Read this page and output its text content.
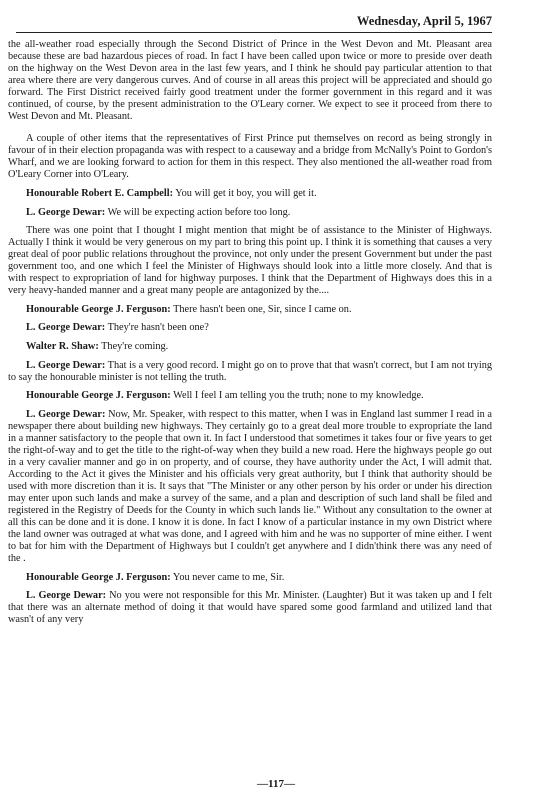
Wednesday, April 5, 1967

the all-weather road especially through the Second District of Prince in the West Devon and Mt. Pleasant area because these are bad hazardous pieces of road. In fact I have been called upon twice or more to preside over death on the highway on the West Devon area in the last few years, and I think he should pay particular attention to that area where there are very dangerous curves. And of course in all areas this project will be appreciated and should go forward. The First District received fairly good treatment under the former government in this regard and it was continued, of course, by the present administration to the O'Leary corner. We expect to see it proceed from there to West Devon and Mt. Pleasant.

A couple of other items that the representatives of First Prince put themselves on record as being strongly in favour of in their election propaganda was with respect to a causeway and a bridge from McNally's Point to Gordon's Wharf, and we are looking forward to action for them in this respect. They also mentioned the all-weather road from O'Leary Corner into O'Leary.

Honourable Robert E. Campbell: You will get it boy, you will get it.

L. George Dewar: We will be expecting action before too long.

There was one point that I thought I might mention that might be of assistance to the Minister of Highways. Actually I think it would be very generous on my part to bring this point up. I think it is something that causes a very great deal of poor public relations throughout the province, not only under the present Government but under the past government too, and one which I feel the Minister of Highways should look into a little more closely. And that is with respect to expropriation of land for highway purposes. I think that the Department of Highways does this in a very heavy-handed manner and a great many people are antagonized by the....

Honourable George J. Ferguson: There hasn't been one, Sir, since I came on.

L. George Dewar: They're hasn't been one?

Walter R. Shaw: They're coming.

L. George Dewar: That is a very good record. I might go on to prove that that wasn't correct, but I am not trying to say the honourable minister is not telling the truth.

Honourable George J. Ferguson: Well I feel I am telling you the truth; none to my knowledge.

L. George Dewar: Now, Mr. Speaker, with respect to this matter, when I was in England last summer I read in a newspaper there about building new highways. They certainly go to a great deal more trouble to expropriate the land in a manner satisfactory to the people that own it. In fact I understood that sometimes it takes four or five years to get the right-of-way and to get the title to the right-of-way when they build a new road. Here the highways people go out in a very cavalier manner and go in on property, and of course, they have authority under the Act, I will admit that. According to the Act it gives the Minister and his officials very great authority, but I think that authority should be used with more discretion than it is. It says that "The Minister or any other person by his order or under his direction may enter upon such lands and make a survey of the same, and a plan and description of such land shall be filed and registered in the Registry of Deeds for the County in which such lands lie." Without any consultation to the owner at all this can be done and it is done. I know it is done. In fact I know of a particular instance in my own District where the land owner was outraged at what was done, and I agreed with him and he was no supporter of mine either. I went to bat for him with the Department of Highways but I couldn't get anywhere and I didn'think there was any need of the .

Honourable George J. Ferguson: You never came to me, Sir.

L. George Dewar: No you were not responsible for this Mr. Minister. (Laughter) But it was taken up and I felt that there was an alternate method of doing it that would have spared some good farmland and utilized land that wasn't of any very

—117—
